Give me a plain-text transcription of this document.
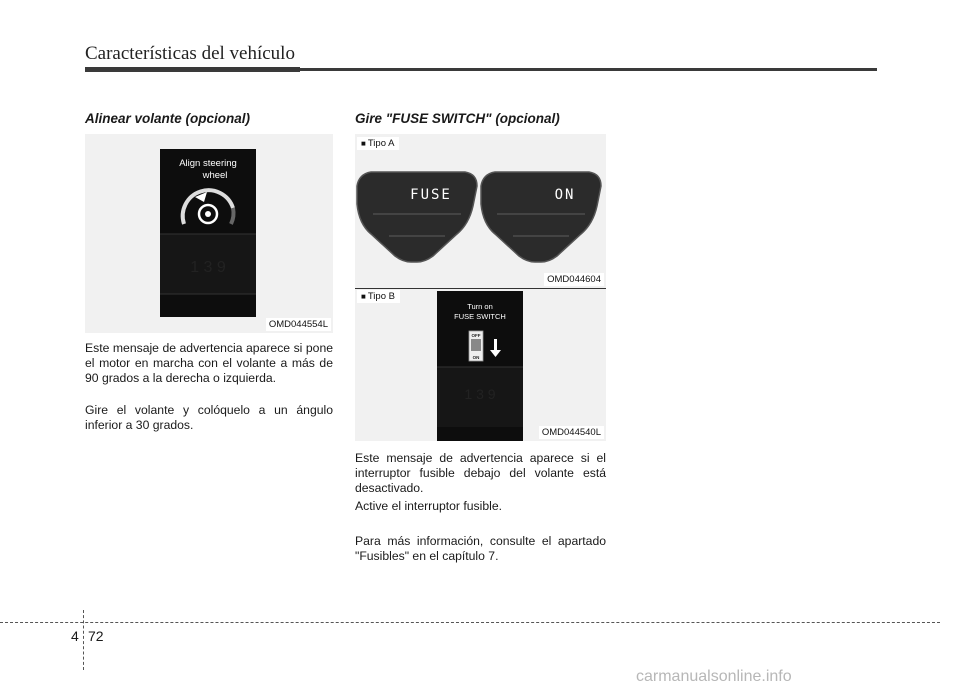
Características del vehículo
Alinear volante (opcional)
Align steering
wheel
1 3 9
OMD044554L

Este mensaje de advertencia aparece si pone el motor en marcha con el volante a más de 90 grados a la derecha o izquierda.

Gire el volante y colóquelo a un ángulo inferior a 30 grados.

Gire "FUSE SWITCH" (opcional)
FUSE	ON
■ Tipo A
OMD044604
Turn on
FUSE SWITCH
OFF
ON
1 3 9
■ Tipo B
OMD044540L

Este mensaje de advertencia aparece si el interruptor fusible debajo del volante está desactivado.

Active el interruptor fusible.

Para más información, consulte el apartado "Fusibles" en el capítulo 7.

4 72
carmanualsonline.info
